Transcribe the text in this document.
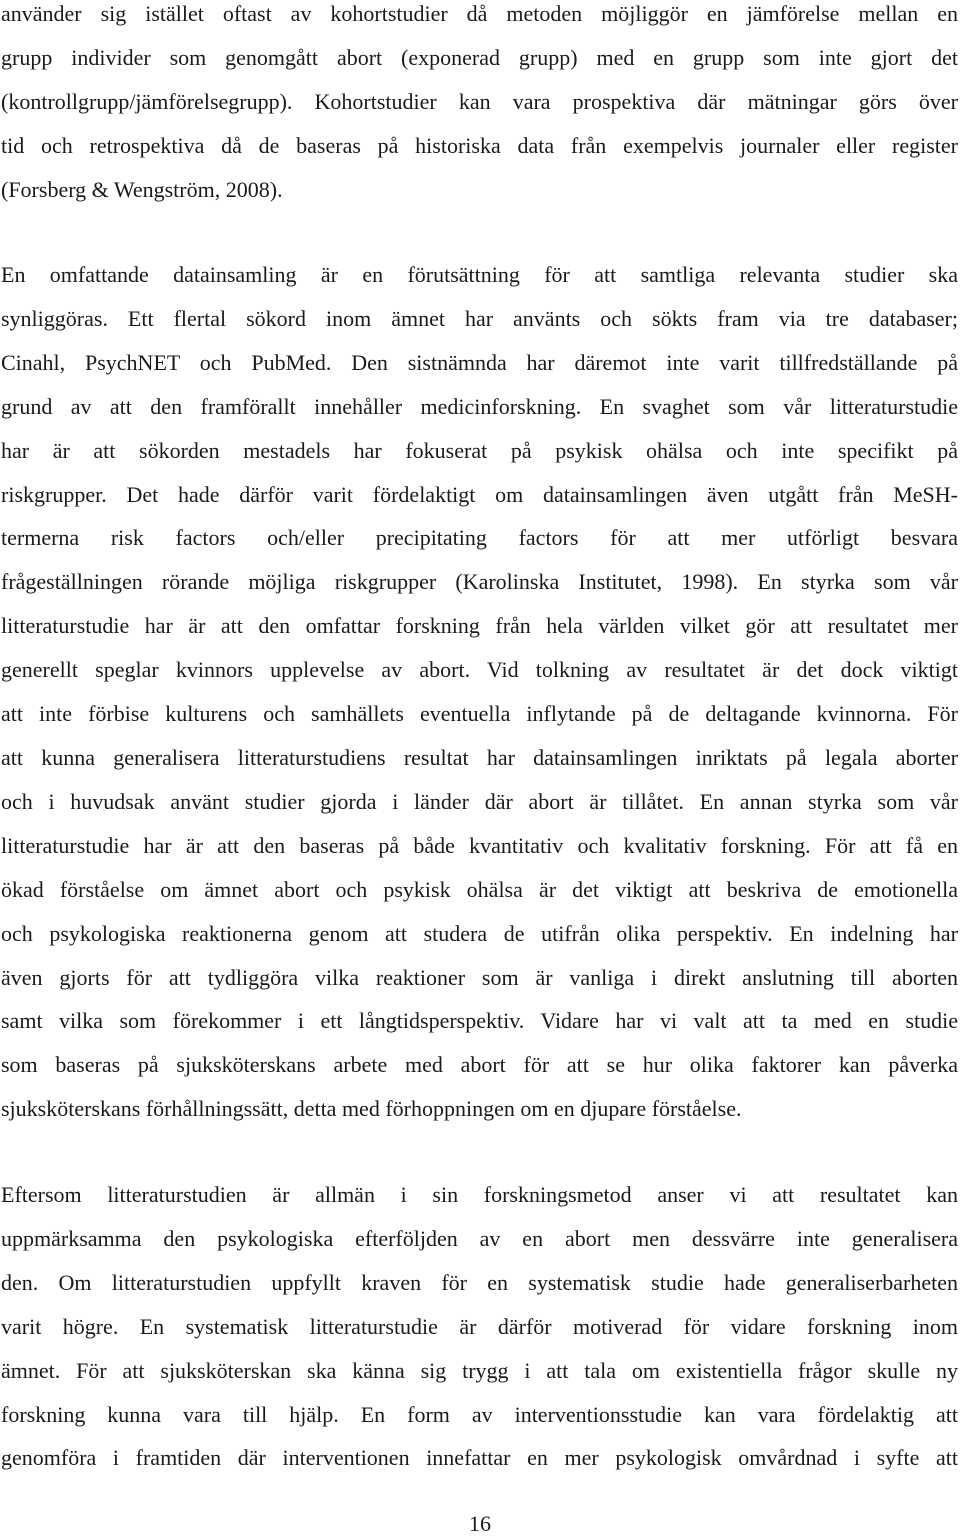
använder sig istället oftast av kohortstudier då metoden möjliggör en jämförelse mellan en
grupp individer som genomgått abort (exponerad grupp) med en grupp som inte gjort det
(kontrollgrupp/jämförelsegrupp). Kohortstudier kan vara prospektiva där mätningar görs över
tid och retrospektiva då de baseras på historiska data från exempelvis journaler eller register
(Forsberg & Wengström, 2008).
En omfattande datainsamling är en förutsättning för att samtliga relevanta studier ska
synliggöras. Ett flertal sökord inom ämnet har använts och sökts fram via tre databaser;
Cinahl, PsychNET och PubMed. Den sistnämnda har däremot inte varit tillfredställande på
grund av att den framförallt innehåller medicinforskning. En svaghet som vår litteraturstudie
har är att sökorden mestadels har fokuserat på psykisk ohälsa och inte specifikt på
riskgrupper. Det hade därför varit fördelaktigt om datainsamlingen även utgått från MeSH-
termerna risk factors och/eller precipitating factors för att mer utförligt besvara
frågeställningen rörande möjliga riskgrupper (Karolinska Institutet, 1998). En styrka som vår
litteraturstudie har är att den omfattar forskning från hela världen vilket gör att resultatet mer
generellt speglar kvinnors upplevelse av abort. Vid tolkning av resultatet är det dock viktigt
att inte förbise kulturens och samhällets eventuella inflytande på de deltagande kvinnorna. För
att kunna generalisera litteraturstudiens resultat har datainsamlingen inriktats på legala aborter
och i huvudsak använt studier gjorda i länder där abort är tillåtet. En annan styrka som vår
litteraturstudie har är att den baseras på både kvantitativ och kvalitativ forskning. För att få en
ökad förståelse om ämnet abort och psykisk ohälsa är det viktigt att beskriva de emotionella
och psykologiska reaktionerna genom att studera de utifrån olika perspektiv. En indelning har
även gjorts för att tydliggöra vilka reaktioner som är vanliga i direkt anslutning till aborten
samt vilka som förekommer i ett långtidsperspektiv. Vidare har vi valt att ta med en studie
som baseras på sjuksköterskans arbete med abort för att se hur olika faktorer kan påverka
sjuksköterskans förhållningssätt, detta med förhoppningen om en djupare förståelse.
Eftersom litteraturstudien är allmän i sin forskningsmetod anser vi att resultatet kan
uppmärksamma den psykologiska efterföljden av en abort men dessvärre inte generalisera
den. Om litteraturstudien uppfyllt kraven för en systematisk studie hade generaliserbarheten
varit högre. En systematisk litteraturstudie är därför motiverad för vidare forskning inom
ämnet. För att sjuksköterskan ska känna sig trygg i att tala om existentiella frågor skulle ny
forskning kunna vara till hjälp. En form av interventionsstudie kan vara fördelaktig att
genomföra i framtiden där interventionen innefattar en mer psykologisk omvårdnad i syfte att
16
